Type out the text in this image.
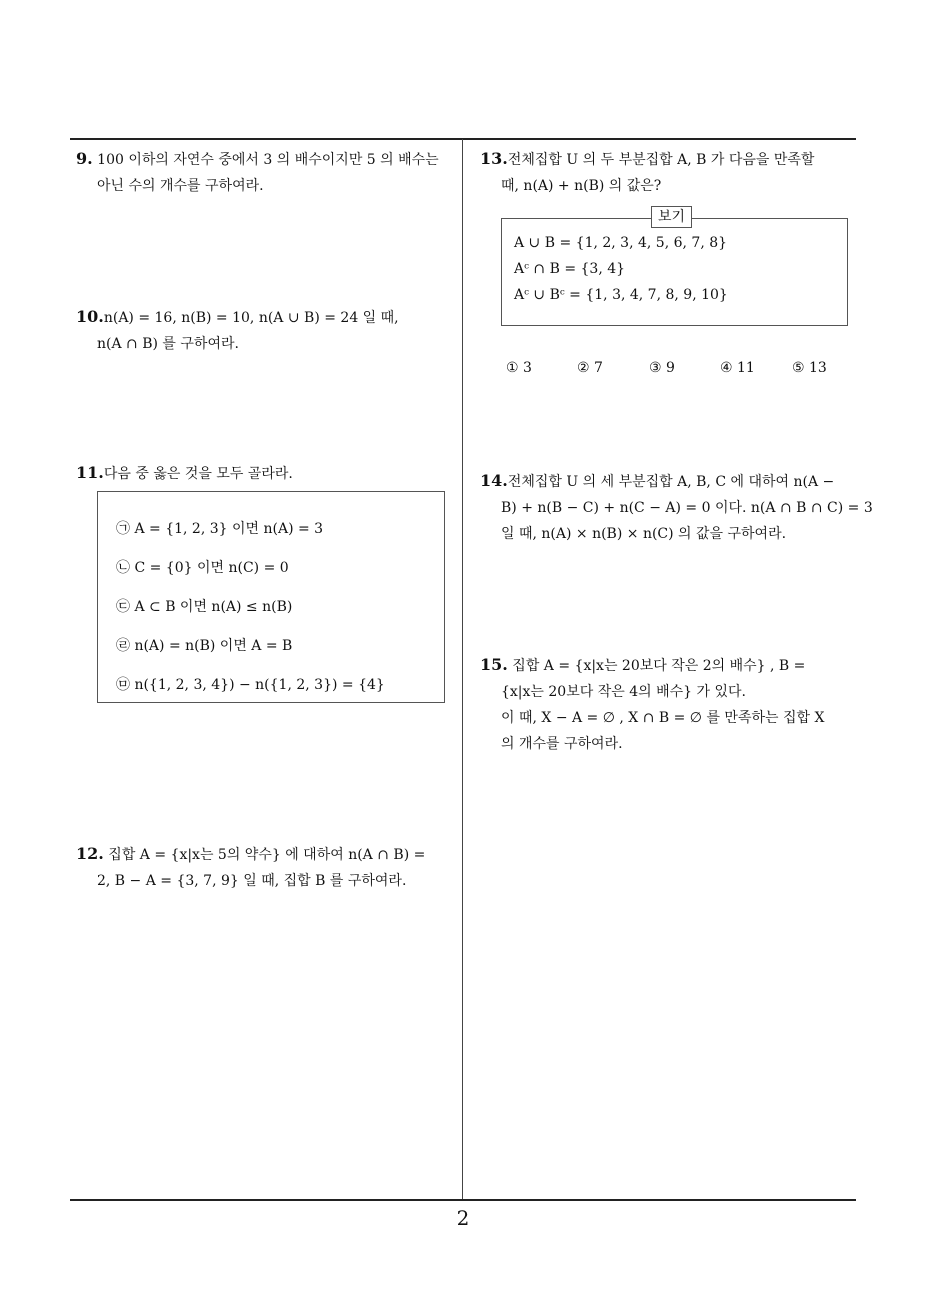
9. 100 이하의 자연수 중에서 3 의 배수이지만 5 의 배수는
아닌 수의 개수를 구하여라.
10.n(A) = 16, n(B) = 10, n(A ∪ B) = 24 일 때,
n(A ∩ B) 를 구하여라.
11.다음 중 옳은 것을 모두 골라라.
㉠ A = {1, 2, 3} 이면 n(A) = 3
㉡ C = {0} 이면 n(C) = 0
㉢ A ⊂ B 이면 n(A) ≤ n(B)
㉣ n(A) = n(B) 이면 A = B
㉤ n({1, 2, 3, 4}) − n({1, 2, 3}) = {4}
12. 집합 A = {x|x는 5의 약수} 에 대하여 n(A ∩ B) =
2, B − A = {3, 7, 9} 일 때, 집합 B 를 구하여라.
13.전체집합 U 의 두 부분집합 A, B 가 다음을 만족할
때, n(A) + n(B) 의 값은?
A ∪ B = {1, 2, 3, 4, 5, 6, 7, 8}
Aᶜ ∩ B = {3, 4}
Aᶜ ∪ Bᶜ = {1, 3, 4, 7, 8, 9, 10}
보기
① 3	② 7	③ 9	④ 11	⑤ 13
14.전체집합 U 의 세 부분집합 A, B, C 에 대하여 n(A −
B) + n(B − C) + n(C − A) = 0 이다. n(A ∩ B ∩ C) = 3
일 때, n(A) × n(B) × n(C) 의 값을 구하여라.
15. 집합 A = {x|x는 20보다 작은 2의 배수} , B =
{x|x는 20보다 작은 4의 배수} 가 있다.
이 때, X − A = ∅ , X ∩ B = ∅ 를 만족하는 집합 X
의 개수를 구하여라.
2
